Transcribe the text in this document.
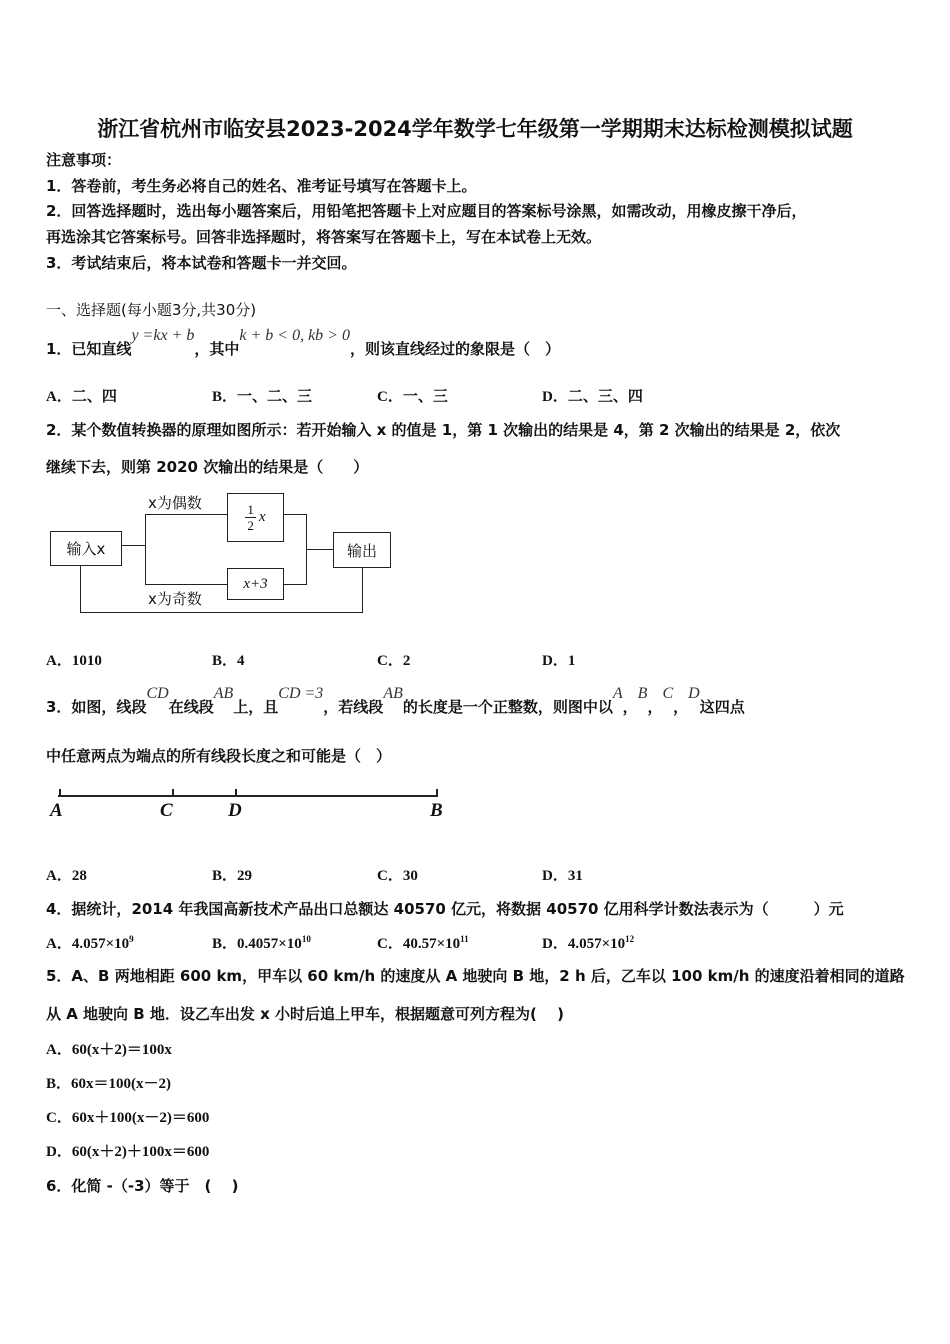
浙江省杭州市临安县2023-2024学年数学七年级第一学期期末达标检测模拟试题
注意事项：
1．答卷前，考生务必将自己的姓名、准考证号填写在答题卡上。
2．回答选择题时，选出每小题答案后，用铅笔把答题卡上对应题目的答案标号涂黑，如需改动，用橡皮擦干净后，
再选涂其它答案标号。回答非选择题时，将答案写在答题卡上，写在本试卷上无效。
3．考试结束后，将本试卷和答题卡一并交回。
一、选择题(每小题3分,共30分)
1．已知直线y =kx + b，其中k + b < 0, kb > 0，则该直线经过的象限是（　）
A．二、四	B．一、二、三	C．一、三	D．二、三、四
2．某个数值转换器的原理如图所示：若开始输入 x 的值是 1，第 1 次输出的结果是 4，第 2 次输出的结果是 2，依次
继续下去，则第 2020 次输出的结果是（　　）
输入x
$\frac{1}{2}$ x
x+3
输出
x为偶数
x为奇数
A．1010	B．4	C．2	D．1
3．如图，线段CD在线段AB上，且CD =3，若线段AB的长度是一个正整数，则图中以A，B，C，D这四点
中任意两点为端点的所有线段长度之和可能是（　）
A	C	D	B
A．28	B．29	C．30	D．31
4．据统计，2014 年我国高新技术产品出口总额达 40570 亿元，将数据 40570 亿用科学计数法表示为（　　　）元
A．$4.057\times 10^9$	B．$0.4057\times 10^{10}$	C．$40.57\times 10^{11}$	D．$4.057\times 10^{12}$
5．A、B 两地相距 600 km，甲车以 60 km/h 的速度从 A 地驶向 B 地，2 h 后，乙车以 100 km/h 的速度沿着相同的道路
从 A 地驶向 B 地．设乙车出发 x 小时后追上甲车，根据题意可列方程为(　 )
A．60(x＋2)＝100x
B．60x＝100(x－2)
C．60x＋100(x－2)＝600
D．60(x＋2)＋100x＝600
6．化简 -（-3）等于　(　 )
